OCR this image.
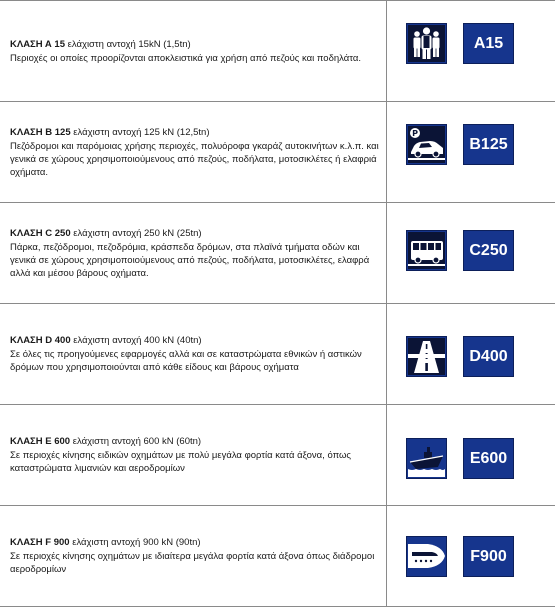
ΚΛΑΣΗ Α 15 ελάχιστη αντοχή 15kN (1,5tn)
Περιοχές οι οποίες προορίζονται αποκλειστικά για χρήση από πεζούς και ποδηλάτα.
A15
ΚΛΑΣΗ Β 125 ελάχιστη αντοχή 125 kN (12,5tn)
Πεζόδρομοι και παρόμοιας χρήσης περιοχές, πολυόροφα γκαράζ αυτοκινήτων κ.λ.π. και γενικά σε χώρους χρησιμοποιούμενους από πεζούς, ποδήλατα, μοτοσικλέτες ή ελαφριά οχήματα.
P
B125
ΚΛΑΣΗ C 250 ελάχιστη αντοχή 250 kN (25tn)
Πάρκα, πεζόδρομοι, πεζοδρόμια, κράσπεδα δρόμων, στα πλαϊνά τμήματα οδών και γενικά σε χώρους χρησιμοποιούμενους από πεζούς, ποδήλατα, μοτοσικλέτες, ελαφρά αλλά και μέσου βάρους οχήματα.
C250
ΚΛΑΣΗ D 400 ελάχιστη αντοχή 400 kN (40tn)
Σε όλες τις προηγούμενες εφαρμογές αλλά και σε καταστρώματα εθνικών ή αστικών δρόμων που χρησιμοποιούνται από κάθε είδους και βάρους οχήματα
D400
ΚΛΑΣΗ Ε 600 ελάχιστη αντοχή 600 kN (60tn)
Σε περιοχές κίνησης ειδικών οχημάτων με πολύ μεγάλα φορτία κατά άξονα, όπως καταστρώματα λιμανιών και αεροδρομίων
E600
ΚΛΑΣΗ F 900 ελάχιστη αντοχή 900 kN (90tn)
Σε περιοχές κίνησης οχημάτων με ιδιαίτερα μεγάλα φορτία κατά άξονα όπως διάδρομοι αεροδρομίων
F900
